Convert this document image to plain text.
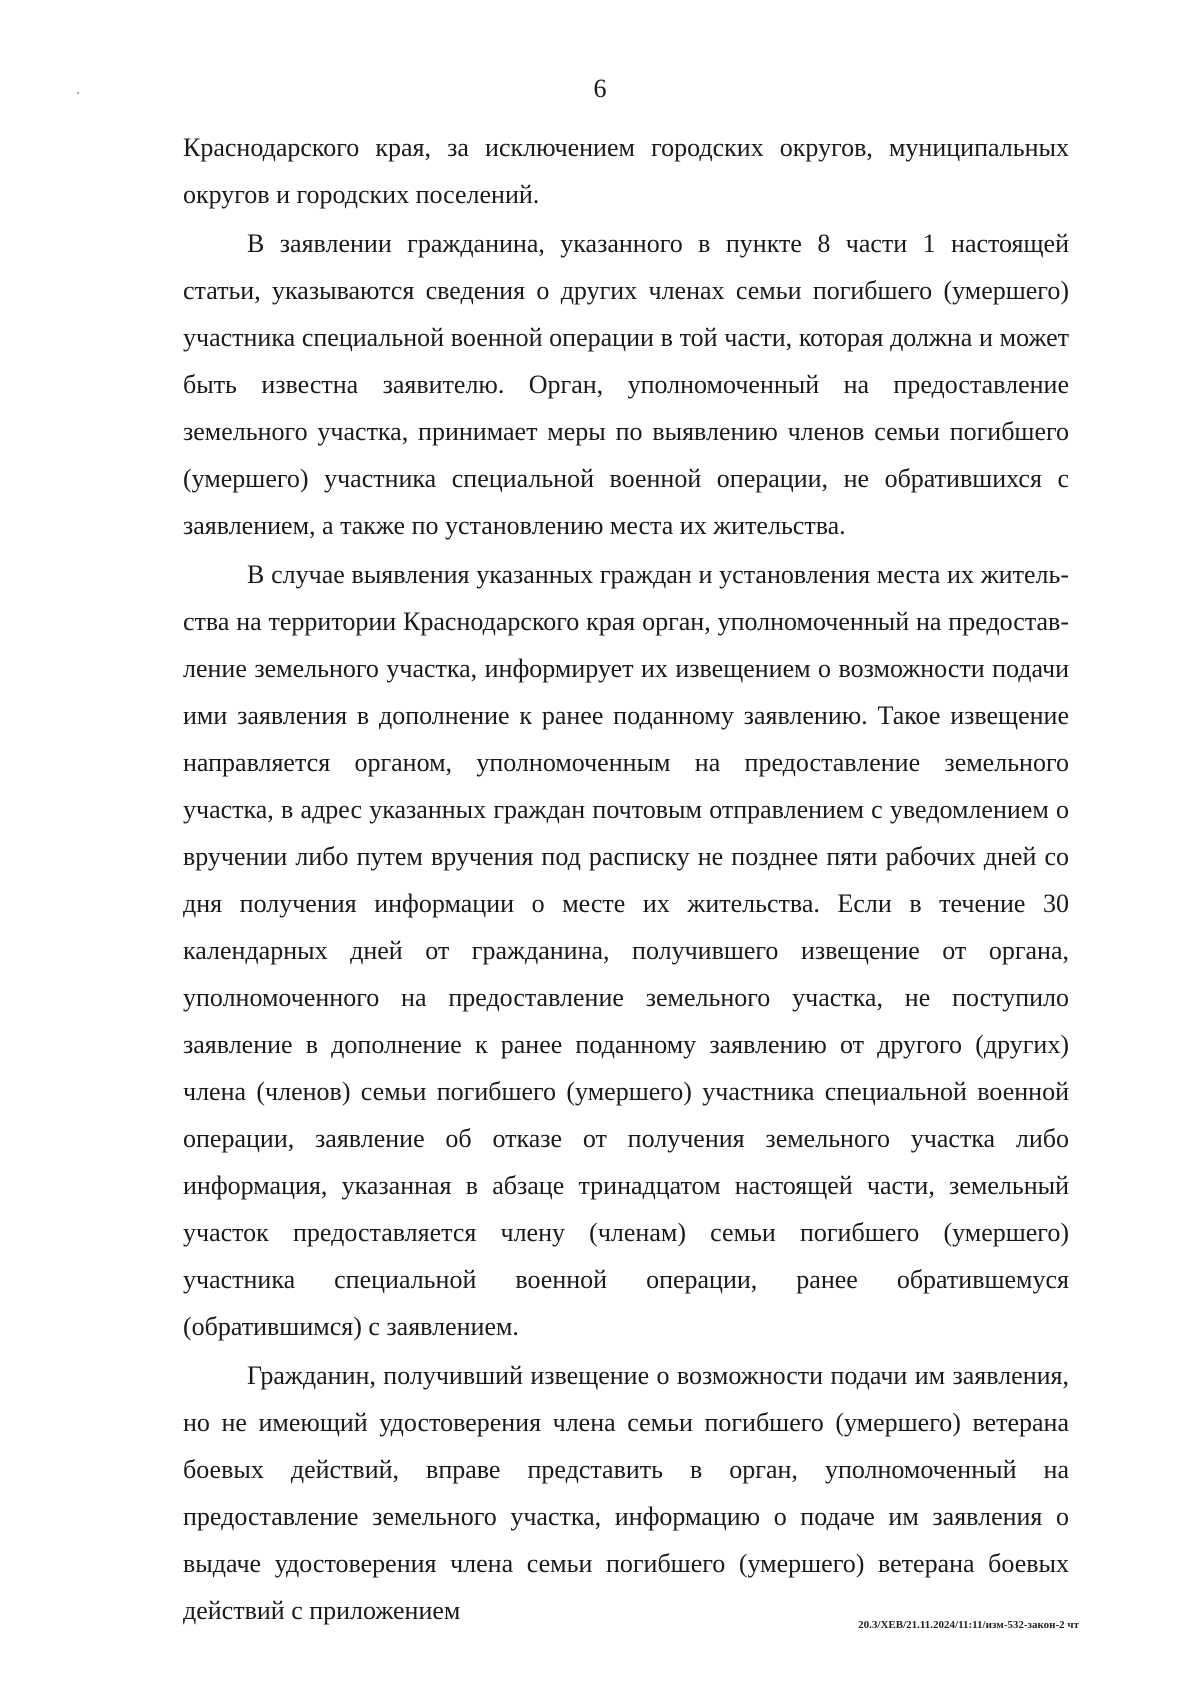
6

Краснодарского края, за исключением городских округов, муниципальных округов и городских поселений.

В заявлении гражданина, указанного в пункте 8 части 1 настоящей статьи, указываются сведения о других членах семьи погибшего (умершего) участника специальной военной операции в той части, которая должна и может быть известна заявителю. Орган, уполномоченный на предоставление земельного участка, принимает меры по выявлению членов семьи погибшего (умершего) участника специальной военной операции, не обратившихся с заявлением, а также по установлению места их жительства.

В случае выявления указанных граждан и установления места их жительства на территории Краснодарского края орган, уполномоченный на предоставление земельного участка, информирует их извещением о возможности подачи ими заявления в дополнение к ранее поданному заявлению. Такое извещение направляется органом, уполномоченным на предоставление земельного участка, в адрес указанных граждан почтовым отправлением с уведомлением о вручении либо путем вручения под расписку не позднее пяти рабочих дней со дня получения информации о месте их жительства. Если в течение 30 календарных дней от гражданина, получившего извещение от органа, уполномоченного на предоставление земельного участка, не поступило заявление в дополнение к ранее поданному заявлению от другого (других) члена (членов) семьи погибшего (умершего) участника специальной военной операции, заявление об отказе от получения земельного участка либо информация, указанная в абзаце тринадцатом настоящей части, земельный участок предоставляется члену (членам) семьи погибшего (умершего) участника специальной военной операции, ранее обратившемуся (обратившимся) с заявлением.

Гражданин, получивший извещение о возможности подачи им заявления, но не имеющий удостоверения члена семьи погибшего (умершего) ветерана боевых действий, вправе представить в орган, уполномоченный на предоставление земельного участка, информацию о подаче им заявления о выдаче удостоверения члена семьи погибшего (умершего) ветерана боевых действий с приложением	20.3/ХЕВ/21.11.2024/11:11/изм-532-закон-2 чт
